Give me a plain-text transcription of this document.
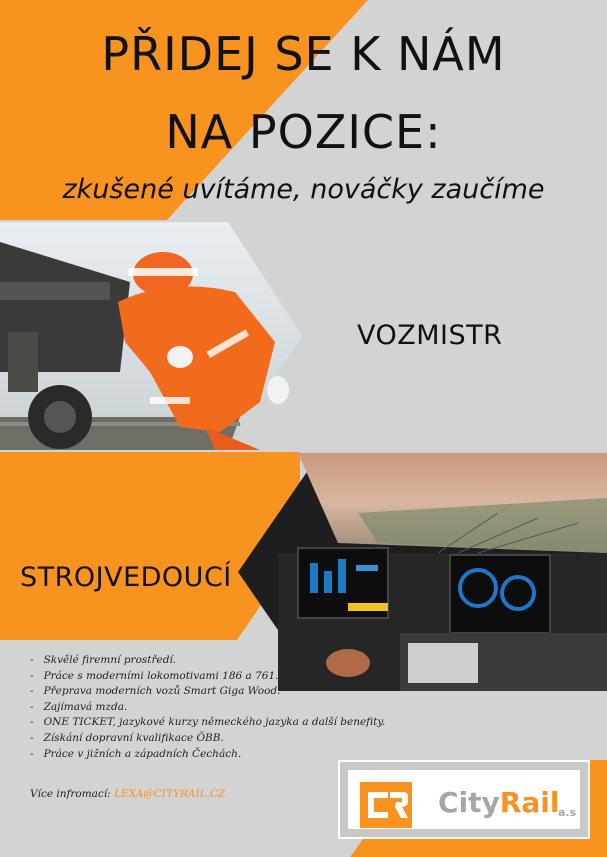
PŘIDEJ SE K NÁM
NA POZICE:
zkušené uvítáme, nováčky zaučíme
VOZMISTR
STROJVEDOUCÍ
- Skvělé firemní prostředí.
- Práce s moderními lokomotivami 186 a 761.
- Přeprava moderních vozů Smart Giga Wood.
- Zajímavá mzda.
- ONE TICKET, jazykové kurzy německého jazyka a další benefity.
- Získání dopravní kvalifikace ÖBB.
- Práce v jižních a západních Čechách.
Více infromací: LEXA@CITYRAIL.CZ	CityRail
a.s
